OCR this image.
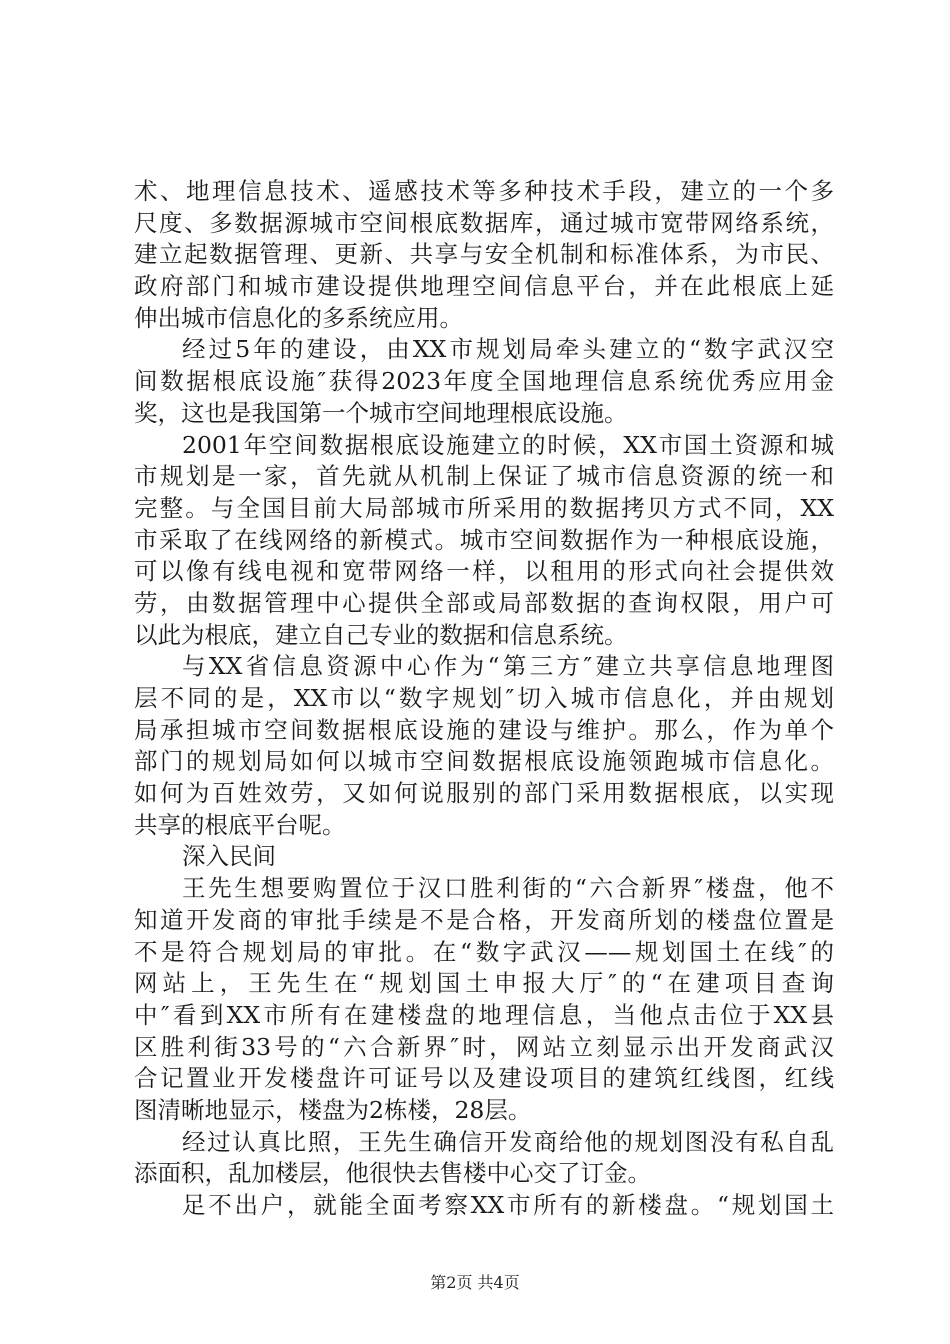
术、地理信息技术、遥感技术等多种技术手段，建立的一个多
尺度、多数据源城市空间根底数据库，通过城市宽带网络系统，
建立起数据管理、更新、共享与安全机制和标准体系，为市民、
政府部门和城市建设提供地理空间信息平台，并在此根底上延
伸出城市信息化的多系统应用。
经过5年的建设，由XX市规划局牵头建立的“数字武汉空
间数据根底设施″获得2023年度全国地理信息系统优秀应用金
奖，这也是我国第一个城市空间地理根底设施。
2001年空间数据根底设施建立的时候，XX市国土资源和城
市规划是一家，首先就从机制上保证了城市信息资源的统一和
完整。与全国目前大局部城市所采用的数据拷贝方式不同，XX
市采取了在线网络的新模式。城市空间数据作为一种根底设施，
可以像有线电视和宽带网络一样，以租用的形式向社会提供效
劳，由数据管理中心提供全部或局部数据的查询权限，用户可
以此为根底，建立自己专业的数据和信息系统。
与XX省信息资源中心作为“第三方″建立共享信息地理图
层不同的是，XX市以“数字规划″切入城市信息化，并由规划
局承担城市空间数据根底设施的建设与维护。那么，作为单个
部门的规划局如何以城市空间数据根底设施领跑城市信息化。
如何为百姓效劳，又如何说服别的部门采用数据根底，以实现
共享的根底平台呢。
深入民间
王先生想要购置位于汉口胜利街的“六合新界″楼盘，他不
知道开发商的审批手续是不是合格，开发商所划的楼盘位置是
不是符合规划局的审批。在“数字武汉——规划国土在线″的
网站上，王先生在“规划国土申报大厅″的“在建项目查询
中″看到XX市所有在建楼盘的地理信息，当他点击位于XX县
区胜利街33号的“六合新界″时，网站立刻显示出开发商武汉
合记置业开发楼盘许可证号以及建设项目的建筑红线图，红线
图清晰地显示，楼盘为2栋楼，28层。
经过认真比照，王先生确信开发商给他的规划图没有私自乱
添面积，乱加楼层，他很快去售楼中心交了订金。
足不出户，就能全面考察XX市所有的新楼盘。“规划国土
第2页 共4页
